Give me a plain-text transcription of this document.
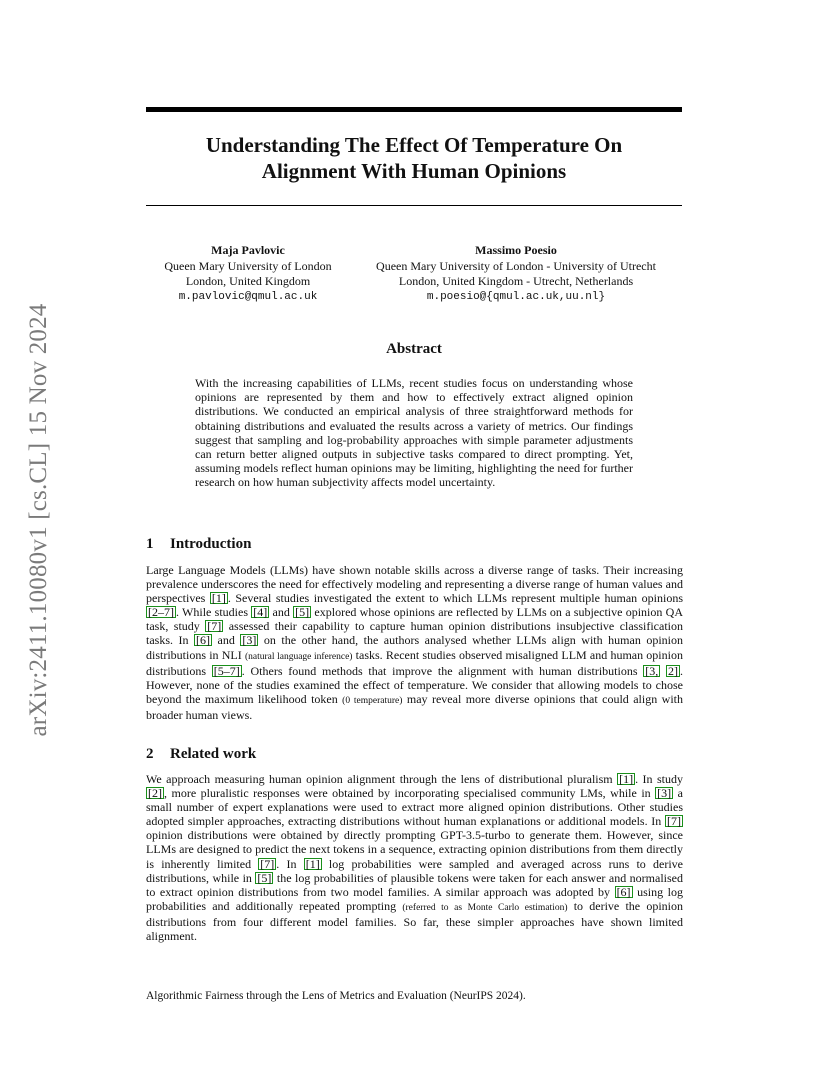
arXiv:2411.10080v1 [cs.CL] 15 Nov 2024
Understanding The Effect Of Temperature On
Alignment With Human Opinions
Maja Pavlovic
Queen Mary University of London
London, United Kingdom
m.pavlovic@qmul.ac.uk
Massimo Poesio
Queen Mary University of London - University of Utrecht
London, United Kingdom - Utrecht, Netherlands
m.poesio@{qmul.ac.uk,uu.nl}
Abstract

With the increasing capabilities of LLMs, recent studies focus on understanding whose opinions are represented by them and how to effectively extract aligned opinion distributions. We conducted an empirical analysis of three straightforward methods for obtaining distributions and evaluated the results across a variety of metrics. Our findings suggest that sampling and log-probability approaches with simple parameter adjustments can return better aligned outputs in subjective tasks compared to direct prompting. Yet, assuming models reflect human opinions may be limiting, highlighting the need for further research on how human subjectivity affects model uncertainty.

1 Introduction

Large Language Models (LLMs) have shown notable skills across a diverse range of tasks. Their increasing prevalence underscores the need for effectively modeling and representing a diverse range of human values and perspectives [1] . Several studies investigated the extent to which LLMs represent multiple human opinions [2–7] . While studies [4] and [5] explored whose opinions are reflected by LLMs on a subjective opinion QA task, study [7] assessed their capability to capture human opinion distributions insubjective classification tasks. In [6] and [3] on the other hand, the authors analysed whether LLMs align with human opinion distributions in NLI (natural language inference) tasks. Recent studies observed misaligned LLM and human opinion distributions [5–7] . Others found methods that improve the alignment with human distributions [3, 2] . However, none of the studies examined the effect of temperature. We consider that allowing models to chose beyond the maximum likelihood token (0 temperature) may reveal more diverse opinions that could align with broader human views.

2 Related work

We approach measuring human opinion alignment through the lens of distributional pluralism [1] . In study [2] , more pluralistic responses were obtained by incorporating specialised community LMs, while in [3] a small number of expert explanations were used to extract more aligned opinion distributions. Other studies adopted simpler approaches, extracting distributions without human explanations or additional models. In [7] opinion distributions were obtained by directly prompting GPT-3.5-turbo to generate them. However, since LLMs are designed to predict the next tokens in a sequence, extracting opinion distributions from them directly is inherently limited [7] . In [1] log probabilities were sampled and averaged across runs to derive distributions, while in [5] the log probabilities of plausible tokens were taken for each answer and normalised to extract opinion distributions from two model families. A similar approach was adopted by [6] using log probabilities and additionally repeated prompting (referred to as Monte Carlo estimation) to derive the opinion distributions from four different model families. So far, these simpler approaches have shown limited alignment.

Algorithmic Fairness through the Lens of Metrics and Evaluation (NeurIPS 2024).
